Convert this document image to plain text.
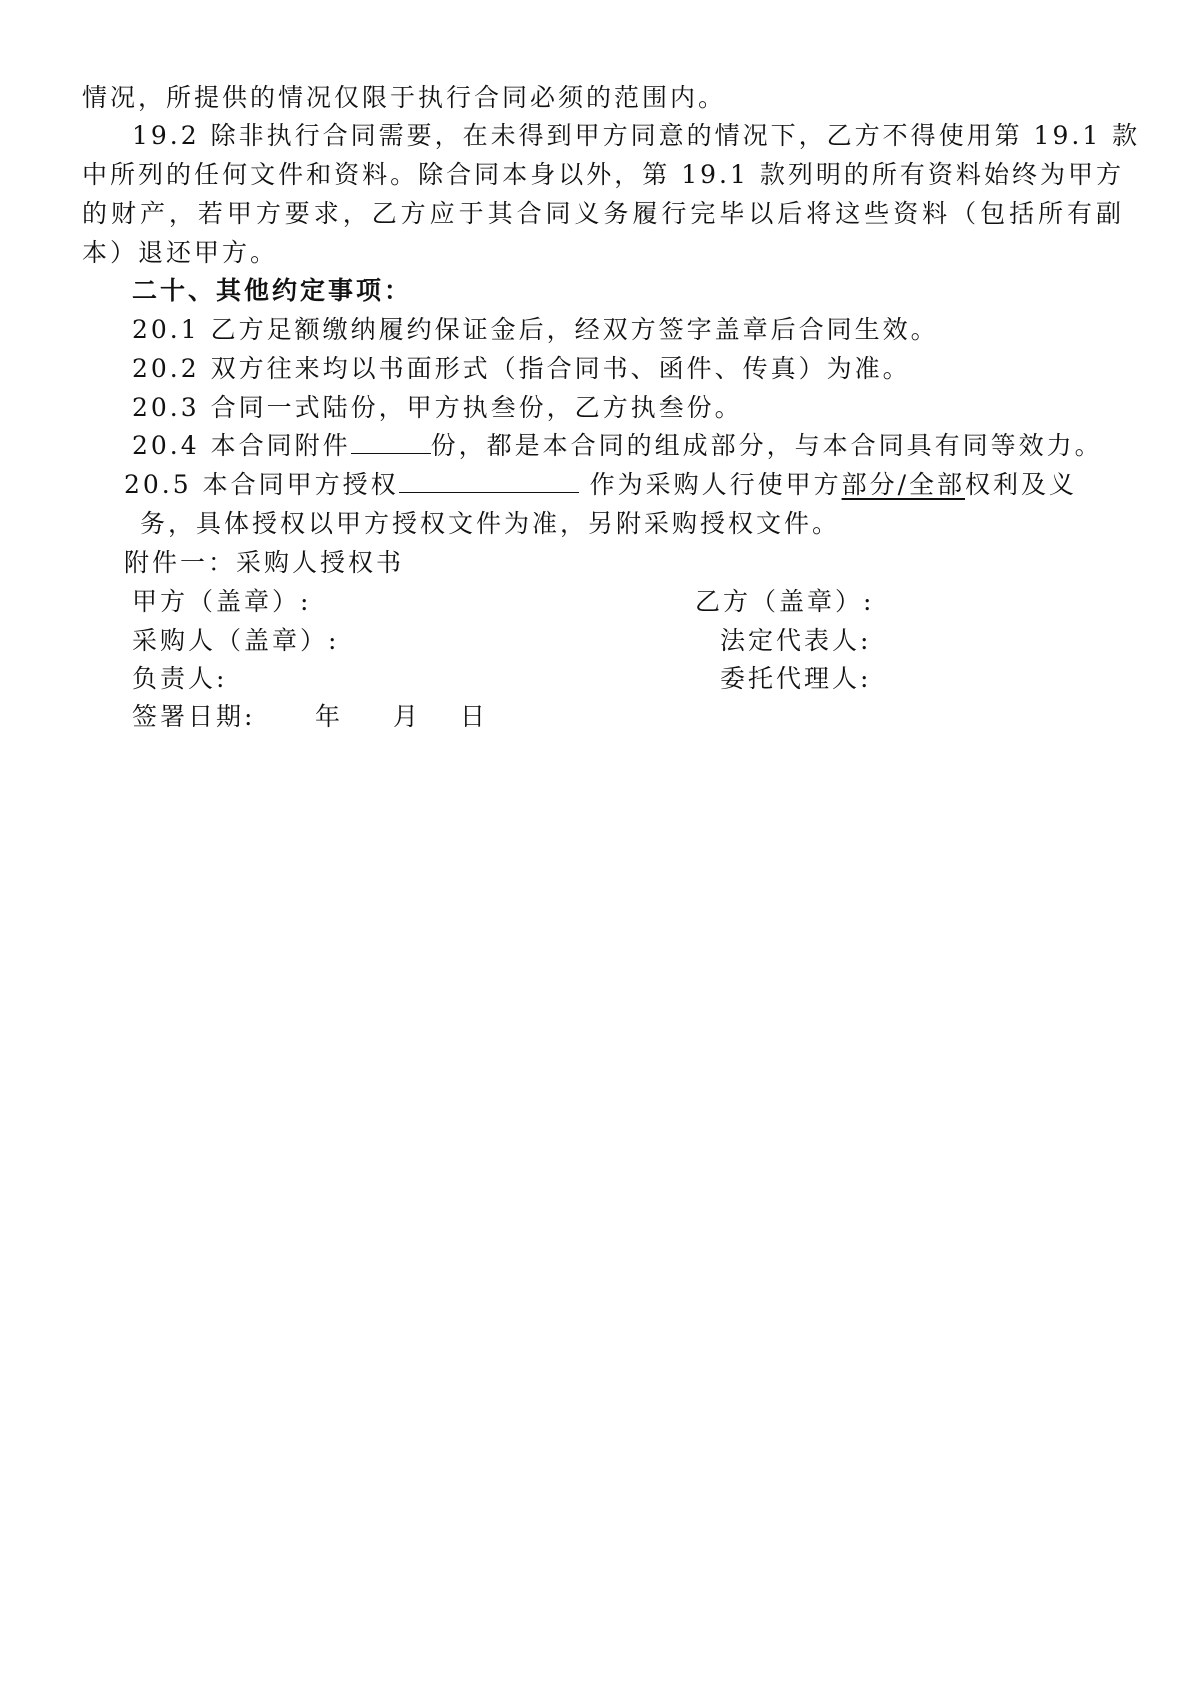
情况，所提供的情况仅限于执行合同必须的范围内。
19.2 除非执行合同需要，在未得到甲方同意的情况下，乙方不得使用第 19.1 款
中所列的任何文件和资料。除合同本身以外，第 19.1 款列明的所有资料始终为甲方
的财产，若甲方要求，乙方应于其合同义务履行完毕以后将这些资料（包括所有副
本）退还甲方。
二十、其他约定事项：
20.1 乙方足额缴纳履约保证金后，经双方签字盖章后合同生效。
20.2 双方往来均以书面形式（指合同书、函件、传真）为准。
20.3 合同一式陆份，甲方执叁份，乙方执叁份。
20.4 本合同附件	份，都是本合同的组成部分，与本合同具有同等效力。
20.5 本合同甲方授权	作为采购人行使甲方部分/全部权利及义
务，具体授权以甲方授权文件为准，另附采购授权文件。
附件一：采购人授权书
甲方（盖章）:	乙方（盖章）:
采购人（盖章）:	法定代表人:
负责人:	委托代理人:
签署日期: 年 月 日
